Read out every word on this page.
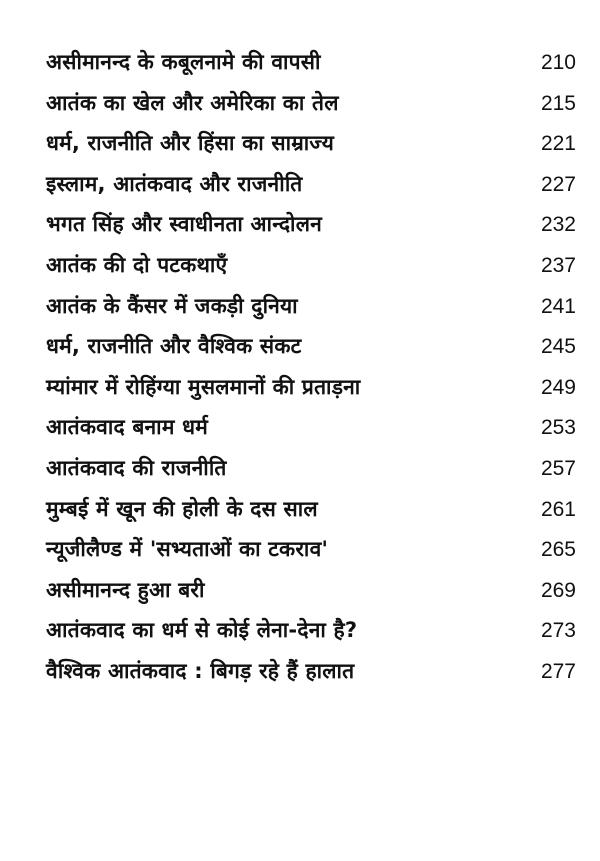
असीमानन्द के कबूलनामे की वापसी	210
आतंक का खेल और अमेरिका का तेल	215
धर्म, राजनीति और हिंसा का साम्राज्य	221
इस्लाम, आतंकवाद और राजनीति	227
भगत सिंह और स्वाधीनता आन्दोलन	232
आतंक की दो पटकथाएँ	237
आतंक के कैंसर में जकड़ी दुनिया	241
धर्म, राजनीति और वैश्विक संकट	245
म्यांमार में रोहिंग्या मुसलमानों की प्रताड़ना	249
आतंकवाद बनाम धर्म	253
आतंकवाद की राजनीति	257
मुम्बई में खून की होली के दस साल	261
न्यूजीलैण्ड में 'सभ्यताओं का टकराव'	265
असीमानन्द हुआ बरी	269
आतंकवाद का धर्म से कोई लेना-देना है?	273
वैश्विक आतंकवाद : बिगड़ रहे हैं हालात	277
